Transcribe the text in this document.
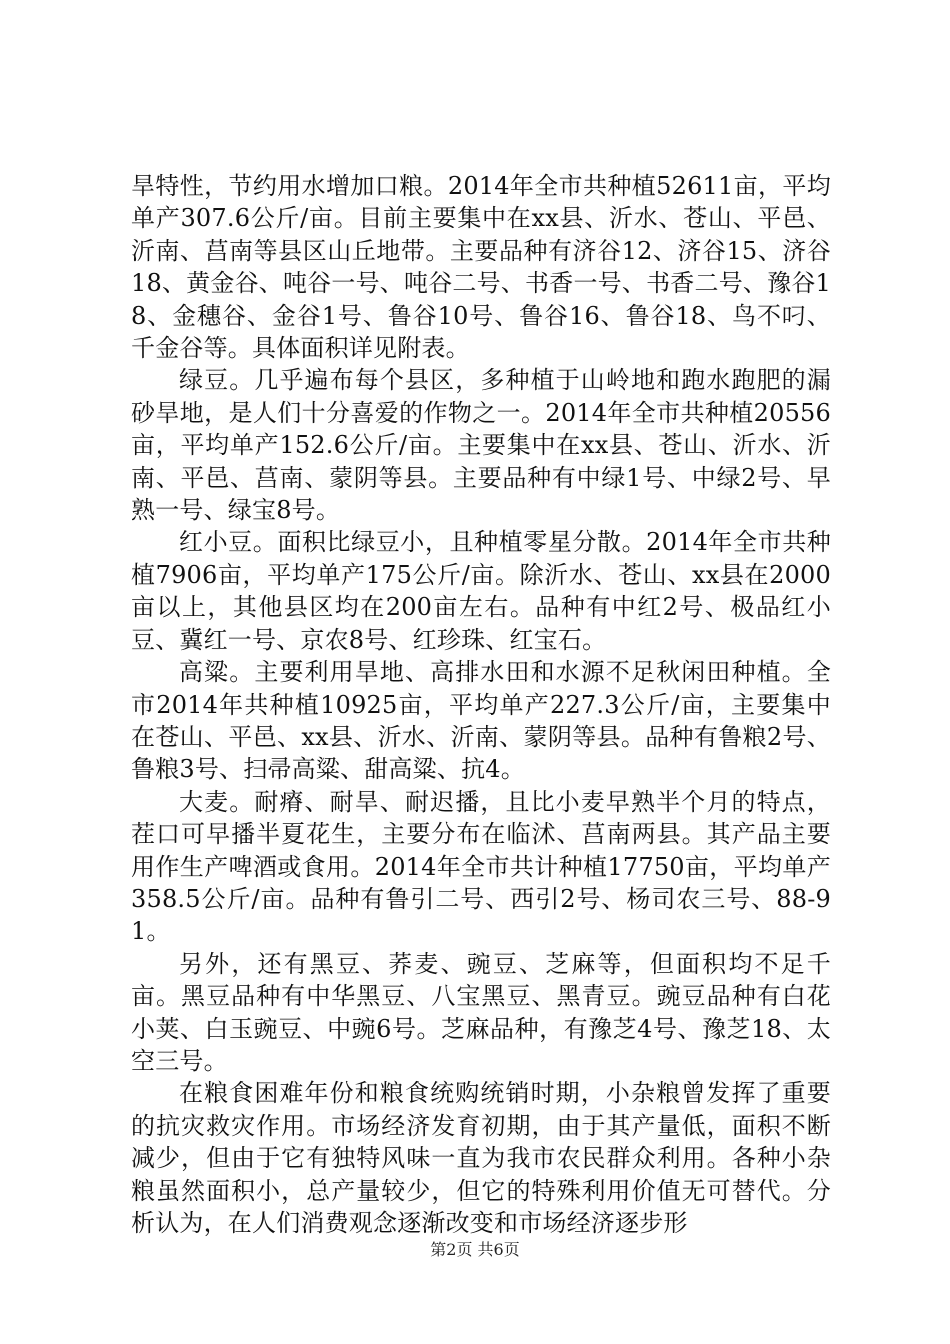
旱特性，节约用水增加口粮。2014年全市共种植52611亩，平均单产307.6公斤/亩。目前主要集中在xx县、沂水、苍山、平邑、沂南、莒南等县区山丘地带。主要品种有济谷12、济谷15、济谷18、黄金谷、吨谷一号、吨谷二号、书香一号、书香二号、豫谷18、金穗谷、金谷1号、鲁谷10号、鲁谷16、鲁谷18、鸟不叼、千金谷等。具体面积详见附表。

绿豆。几乎遍布每个县区，多种植于山岭地和跑水跑肥的漏砂旱地，是人们十分喜爱的作物之一。2014年全市共种植20556亩，平均单产152.6公斤/亩。主要集中在xx县、苍山、沂水、沂南、平邑、莒南、蒙阴等县。主要品种有中绿1号、中绿2号、早熟一号、绿宝8号。

红小豆。面积比绿豆小，且种植零星分散。2014年全市共种植7906亩，平均单产175公斤/亩。除沂水、苍山、xx县在2000亩以上，其他县区均在200亩左右。品种有中红2号、极品红小豆、冀红一号、京农8号、红珍珠、红宝石。

高粱。主要利用旱地、高排水田和水源不足秋闲田种植。全市2014年共种植10925亩，平均单产227.3公斤/亩，主要集中在苍山、平邑、xx县、沂水、沂南、蒙阴等县。品种有鲁粮2号、鲁粮3号、扫帚高粱、甜高粱、抗4。

大麦。耐瘠、耐旱、耐迟播，且比小麦早熟半个月的特点，茬口可早播半夏花生，主要分布在临沭、莒南两县。其产品主要用作生产啤酒或食用。2014年全市共计种植17750亩，平均单产358.5公斤/亩。品种有鲁引二号、西引2号、杨司农三号、88-91。

另外，还有黑豆、荞麦、豌豆、芝麻等，但面积均不足千亩。黑豆品种有中华黑豆、八宝黑豆、黑青豆。豌豆品种有白花小荚、白玉豌豆、中豌6号。芝麻品种，有豫芝4号、豫芝18、太空三号。

在粮食困难年份和粮食统购统销时期，小杂粮曾发挥了重要的抗灾救灾作用。市场经济发育初期，由于其产量低，面积不断减少，但由于它有独特风味一直为我市农民群众利用。各种小杂粮虽然面积小，总产量较少，但它的特殊利用价值无可替代。分析认为，在人们消费观念逐渐改变和市场经济逐步形

第2页 共6页
